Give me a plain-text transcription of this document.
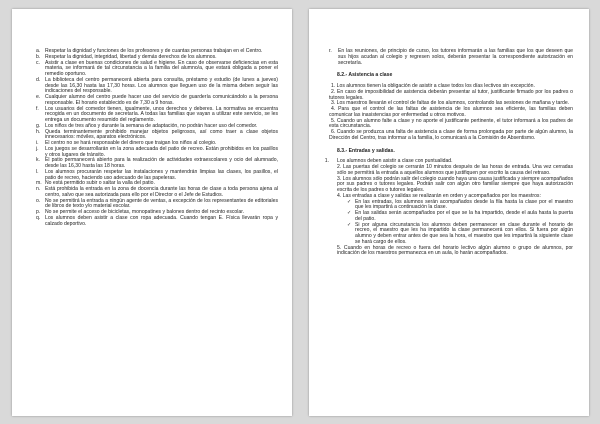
a. Respetar la dignidad y funciones de los profesores y de cuantas personas trabajan en el Centro.
b. Respetar la dignidad, integridad, libertad y demás derechos de los alumnos.
c. Asistir a clase en buenas condiciones de salud e higiene. En caso de observarse deficiencias en esta materia, se informará de tal circunstancia a la familia del alumno/a, que estará obligada a poner el remedio oportuno.
d. La biblioteca del centro permanecerá abierta para consulta, préstamo y estudio (de lunes a jueves) desde las 16,30 hasta las 17,30 horas. Los alumnos que lleguen uso de la misma deben seguir las indicaciones del responsable.
e. Cualquier alumno del centro puede hacer uso del servicio de guardería comunicándolo a la persona responsable. El horario establecido es de 7,30 a 9 horas.
f.	Los usuarios del comedor tienen, igualmente, unos derechos y deberes. La normativa se encuentra recogida en un documento de secretaría. A todas las familias que vayan a utilizar este servicio, se les entrega un documento resumido del reglamento.
g. Los niños de tres años y durante la semana de adaptación, no podrán hacer uso del comedor.
h. Queda terminantemente prohibido manejar objetos peligrosos, así como traer a clase objetos innecesarios: móviles, aparatos electrónicos.
i.	El centro no se hará responsable del dinero que traigan los niños al colegio.
j.	Los juegos se desarrollarán en la zona adecuada del patio de recreo. Están prohibidos en los pasillos y otros lugares de tránsito.
k. El patio permanecerá abierto para la realización de actividades extraescolares y ocio del alumnado, desde las 16,30 hasta las 18 horas.
l.	Los alumnos procurarán respetar las instalaciones y mantendrán limpias las clases, los pasillos, el patio de recreo, haciendo uso adecuado de las papeleras.
m. No está permitido subir o saltar la valla del patio.
n. Está prohibida la entrada en la zona de docencia durante las horas de clase a toda persona ajena al centro, salvo que sea autorizada para ello por el Director o el Jefe de Estudios.
o. No se permitirá la entrada a ningún agente de ventas, a excepción de los representantes de editoriales de libros de texto y/o material escolar.
p. No se permite el acceso de bicicletas, monopatines y balones dentro del recinto escolar.
q. Los alumnos deben asistir a clase con ropa adecuada. Cuando tengan E. Física llevarán ropa y calzado deportivo.
r.	En las reuniones, de principio de curso, los tutores informarán a las familias que los que deseen que sus hijos acudan al colegio y regresen solos, deberán presentar la correspondiente autorización en secretaría.
8.2.- Asistencia a clase
1. Los alumnos tienen la obligación de asistir a clase todos los días lectivos sin excepción.
2. En caso de imposibilidad de asistencia deberán presentar al tutor, justificante firmado por los padres o tutores legales.
3. Los maestros llevarán el control de faltas de los alumnos, controlando las sesiones de mañana y tarde.
4. Para que el control de las faltas de asistencia de los alumnos sea eficiente, las familias deben comunicar las inasistencias por enfermedad u otros motivos.
5. Cuando un alumno falte a clase y no aporte el justificante pertinente, el tutor informará a los padres de esta circunstancia.
6. Cuando se produzca una falta de asistencia a clase de forma prolongada por parte de algún alumno, la Dirección del Centro, tras informar a la familia, lo comunicará a la Comisión de Absentismo.
8.3.- Entradas y salidas.
1.	Los alumnos deben asistir a clase con puntualidad.
2. Las puertas del colegio se cerrarán 10 minutos después de las horas de entrada. Una vez cerradas sólo se permitirá la entrada a aquellos alumnos que justifiquen por escrito la causa del retraso.
3. Los alumnos sólo podrán salir del colegio cuando haya una causa justificada y siempre acompañados por sus padres o tutores legales. Podrán salir con algún otro familiar siempre que haya autorización escrita de los padres o tutores legales.
4. Las entradas a clase y salidas se realizarán en orden y acompañados por los maestros:
✓ En las entradas, los alumnos serán acompañados desde la fila hasta la clase por el maestro que les impartirá a continuación la clase.
✓ En las salidas serán acompañados por el que se la ha impartido, desde el aula hasta la puerta del patio.
✓ Si por alguna circunstancia los alumnos deben permanecer en clase durante el horario de recreo, el maestro que les ha impartido la clase permanecerá con ellos. Si fuera por algún alumno y deben entrar antes de que sea la hora, el maestro que les impartirá la siguiente clase se hará cargo de ellos.
5. Cuando en horas de recreo o fuera del horario lectivo algún alumno o grupo de alumnos, por indicación de los maestros permanezca en un aula, lo harán acompañados.
